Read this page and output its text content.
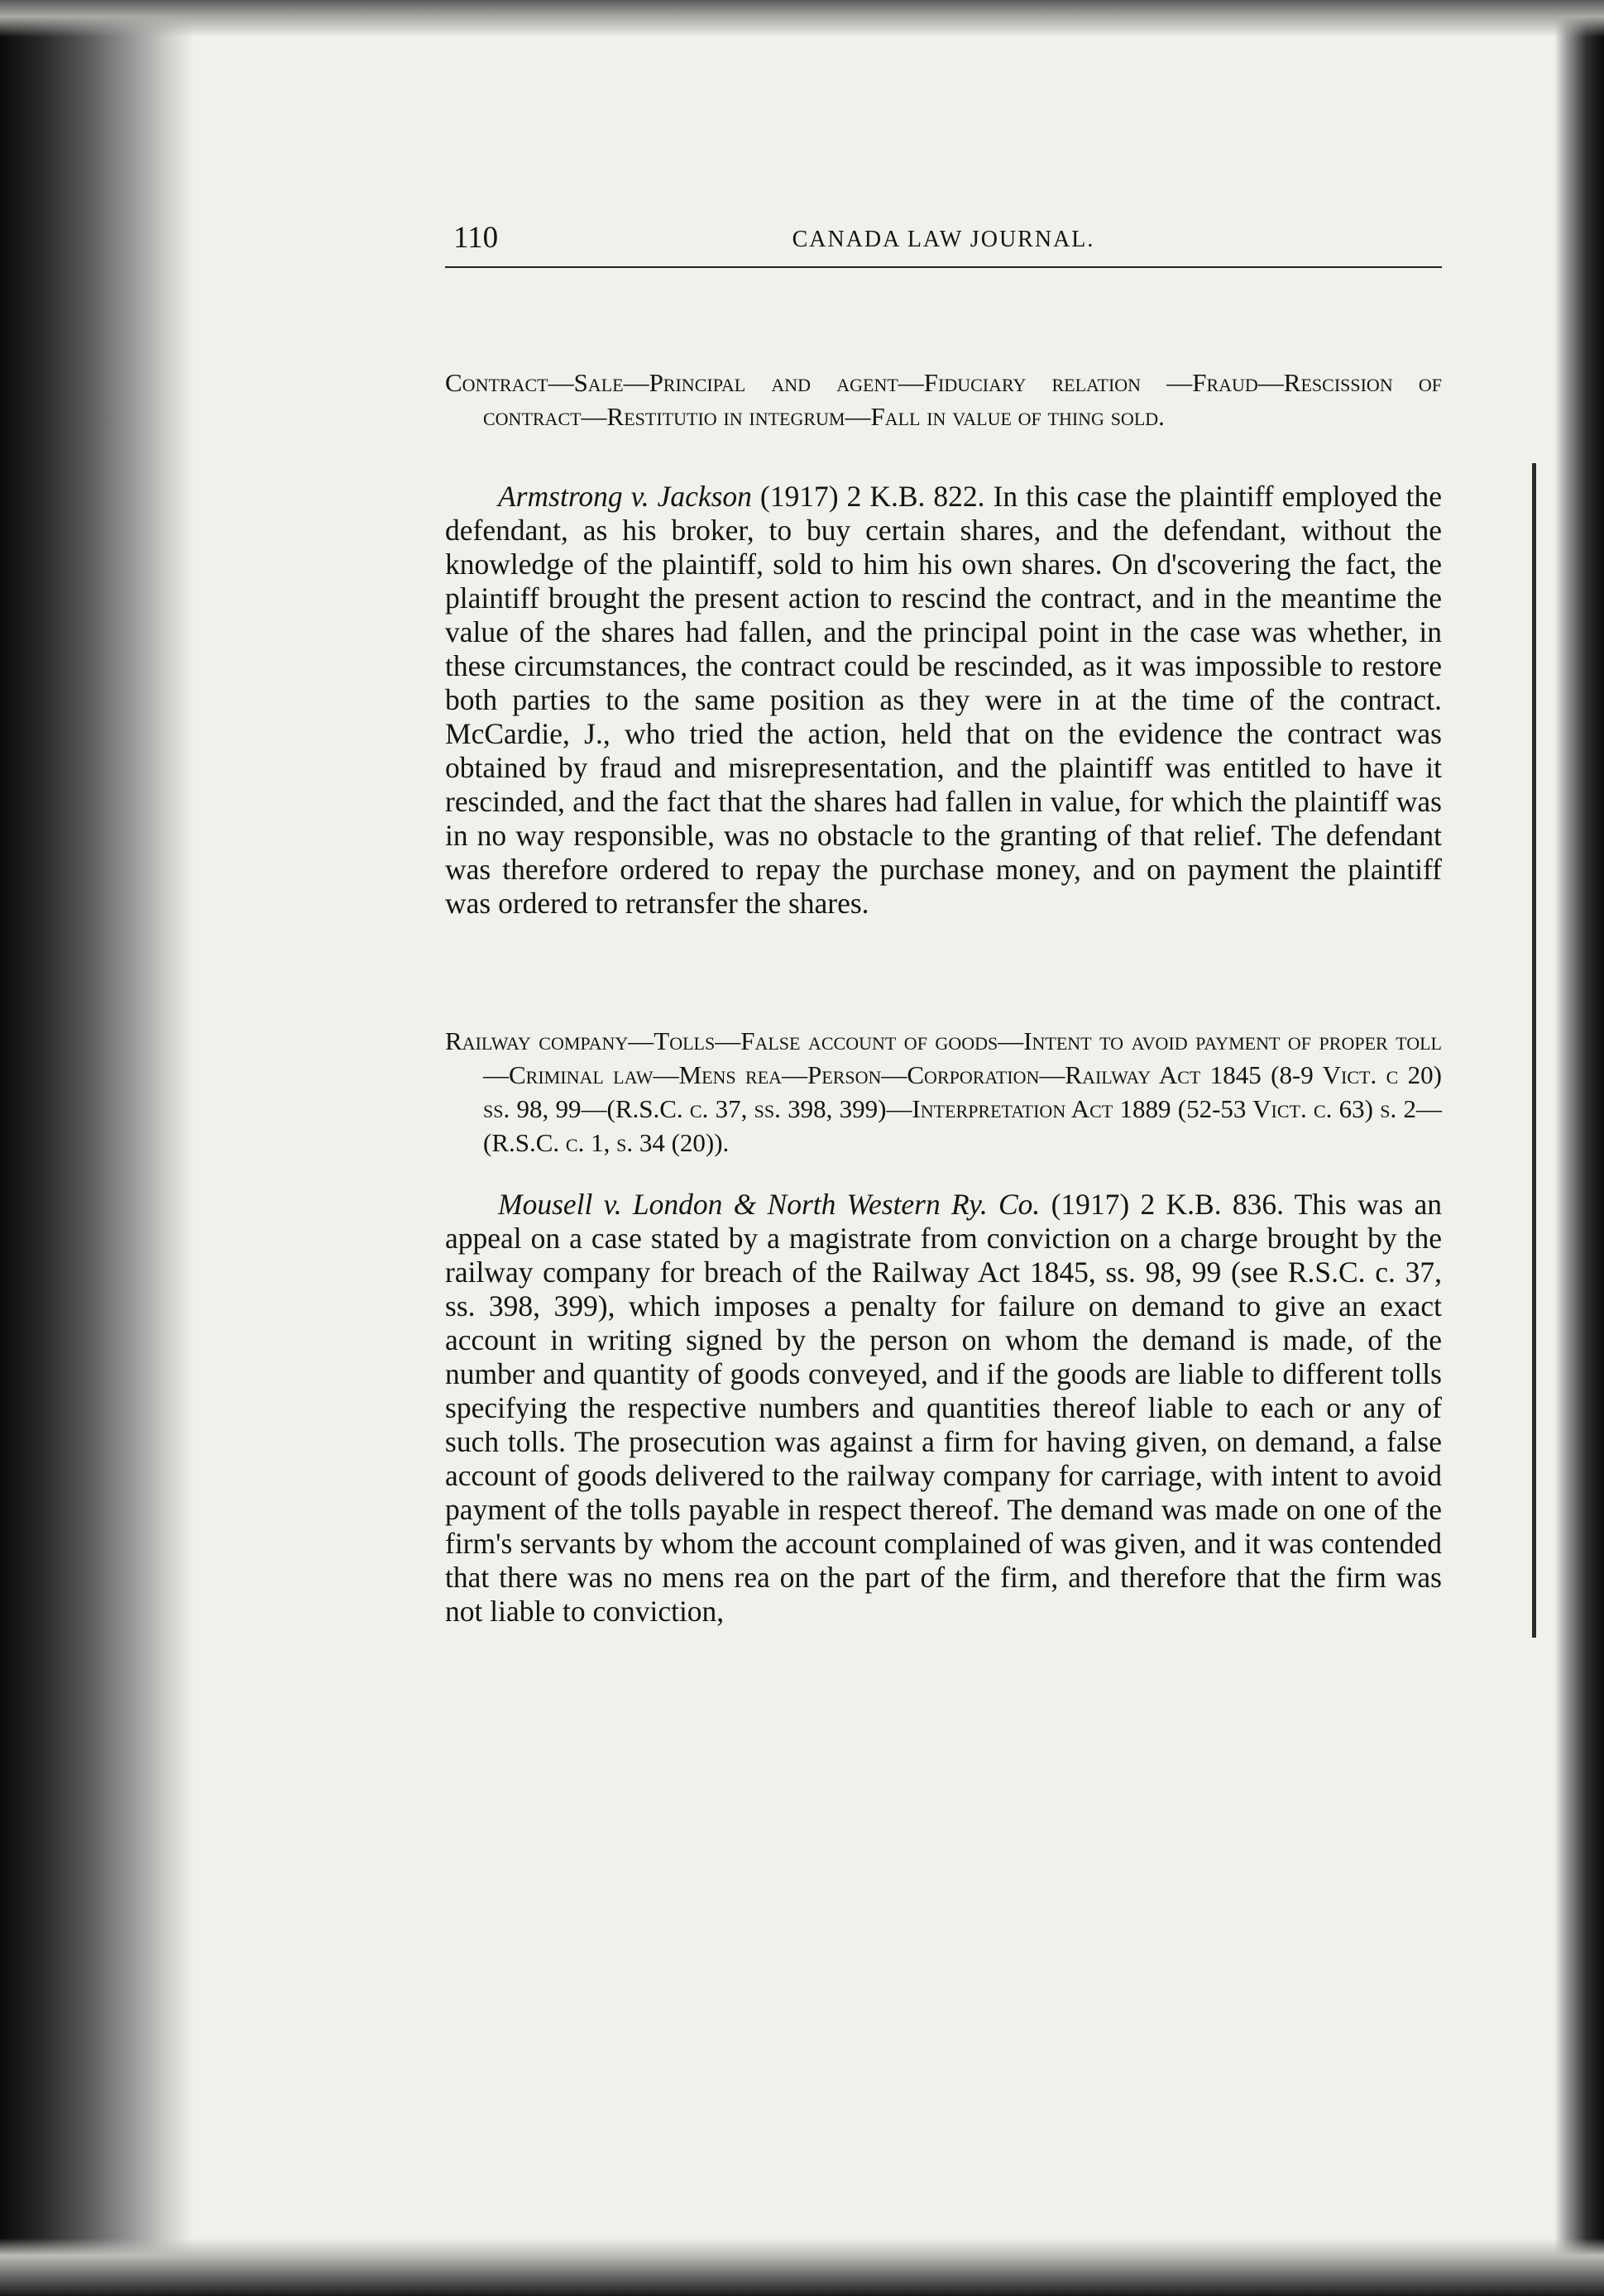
110	CANADA LAW JOURNAL.
Contract—Sale—Principal and agent—Fiduciary relation —Fraud—Rescission of contract—Restitutio in integrum—Fall in value of thing sold.

Armstrong v. Jackson (1917) 2 K.B. 822. In this case the plaintiff employed the defendant, as his broker, to buy certain shares, and the defendant, without the knowledge of the plaintiff, sold to him his own shares. On d'scovering the fact, the plaintiff brought the present action to rescind the contract, and in the meantime the value of the shares had fallen, and the principal point in the case was whether, in these circumstances, the contract could be rescinded, as it was impossible to restore both parties to the same position as they were in at the time of the contract. McCardie, J., who tried the action, held that on the evidence the contract was obtained by fraud and misrepresentation, and the plaintiff was entitled to have it rescinded, and the fact that the shares had fallen in value, for which the plaintiff was in no way responsible, was no obstacle to the granting of that relief. The defendant was therefore ordered to repay the purchase money, and on payment the plaintiff was ordered to retransfer the shares.

Railway company—Tolls—False account of goods—Intent to avoid payment of proper toll—Criminal law—Mens rea—Person—Corporation—Railway Act 1845 (8-9 Vict. c 20) ss. 98, 99—(R.S.C. c. 37, ss. 398, 399)—Interpretation Act 1889 (52-53 Vict. c. 63) s. 2—(R.S.C. c. 1, s. 34 (20)).

Mousell v. London & North Western Ry. Co. (1917) 2 K.B. 836. This was an appeal on a case stated by a magistrate from conviction on a charge brought by the railway company for breach of the Railway Act 1845, ss. 98, 99 (see R.S.C. c. 37, ss. 398, 399), which imposes a penalty for failure on demand to give an exact account in writing signed by the person on whom the demand is made, of the number and quantity of goods conveyed, and if the goods are liable to different tolls specifying the respective numbers and quantities thereof liable to each or any of such tolls. The prosecution was against a firm for having given, on demand, a false account of goods delivered to the railway company for carriage, with intent to avoid payment of the tolls payable in respect thereof. The demand was made on one of the firm's servants by whom the account complained of was given, and it was contended that there was no mens rea on the part of the firm, and therefore that the firm was not liable to conviction,
